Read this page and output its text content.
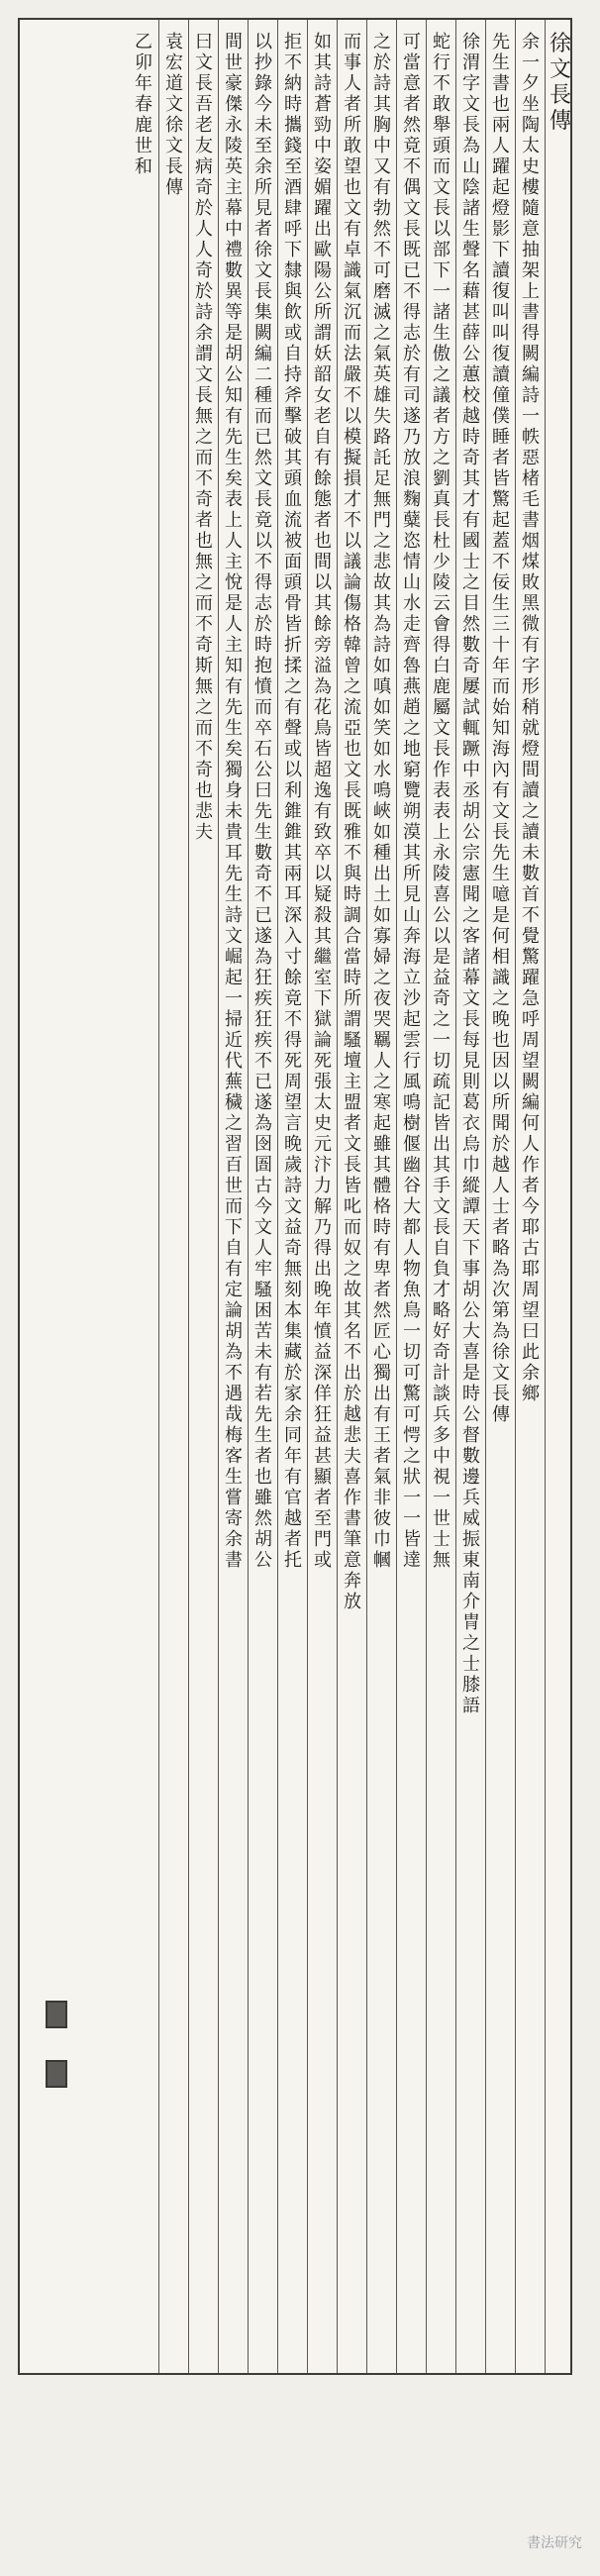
徐文長傳
余一夕坐陶太史樓隨意抽架上書得闕編詩一帙惡楮毛書烟煤敗黑微有字形稍就燈間讀之讀未數首不覺驚躍急呼周望闕編何人作者今耶古耶周望曰此余鄉
先生書也兩人躍起燈影下讀復叫叫復讀僮僕睡者皆驚起蓋不佞生三十年而始知海內有文長先生噫是何相識之晚也因以所聞於越人士者略為次第為徐文長傳
徐渭字文長為山陰諸生聲名藉甚薛公蕙校越時奇其才有國士之目然數奇屢試輒蹶中丞胡公宗憲聞之客諸幕文長每見則葛衣烏巾縱譚天下事胡公大喜是時公督數邊兵威振東南介冑之士膝語
蛇行不敢舉頭而文長以部下一諸生傲之議者方之劉真長杜少陵云會得白鹿屬文長作表表上永陵喜公以是益奇之一切疏記皆出其手文長自負才略好奇計談兵多中視一世士無
可當意者然竟不偶文長既已不得志於有司遂乃放浪麴糵恣情山水走齊魯燕趙之地窮覽朔漠其所見山奔海立沙起雲行風鳴樹偃幽谷大都人物魚鳥一切可驚可愕之狀一一皆達
之於詩其胸中又有勃然不可磨滅之氣英雄失路託足無門之悲故其為詩如嗔如笑如水鳴峽如種出土如寡婦之夜哭羈人之寒起雖其體格時有卑者然匠心獨出有王者氣非彼巾幗
而事人者所敢望也文有卓識氣沉而法嚴不以模擬損才不以議論傷格韓曾之流亞也文長既雅不與時調合當時所謂騷壇主盟者文長皆叱而奴之故其名不出於越悲夫喜作書筆意奔放
如其詩蒼勁中姿媚躍出歐陽公所謂妖韶女老自有餘態者也間以其餘旁溢為花鳥皆超逸有致卒以疑殺其繼室下獄論死張太史元汴力解乃得出晚年憤益深佯狂益甚顯者至門或
拒不納時攜錢至酒肆呼下隸與飲或自持斧擊破其頭血流被面頭骨皆折揉之有聲或以利錐錐其兩耳深入寸餘竟不得死周望言晚歲詩文益奇無刻本集藏於家余同年有官越者托
以抄錄今未至余所見者徐文長集闕編二種而已然文長竟以不得志於時抱憤而卒石公曰先生數奇不已遂為狂疾狂疾不已遂為囹圄古今文人牢騷困苦未有若先生者也雖然胡公
間世豪傑永陵英主幕中禮數異等是胡公知有先生矣表上人主悅是人主知有先生矣獨身未貴耳先生詩文崛起一掃近代蕪穢之習百世而下自有定論胡為不遇哉梅客生嘗寄余書
曰文長吾老友病奇於人人奇於詩余謂文長無之而不奇者也無之而不奇斯無之而不奇也悲夫
袁宏道文徐文長傳
乙卯年春 鹿世和
書法研究
